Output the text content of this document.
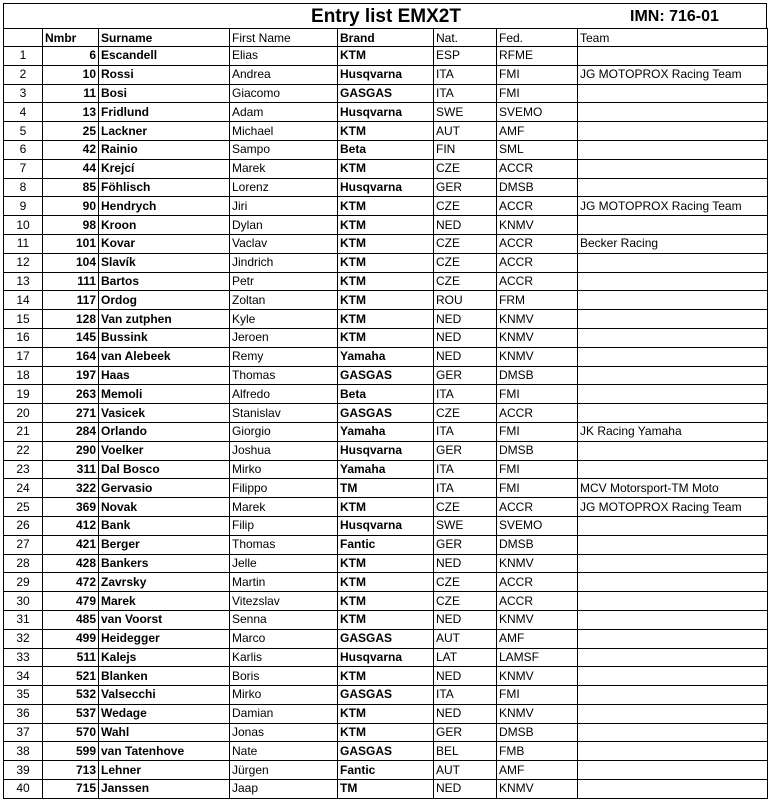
Entry list EMX2T	IMN: 716-01
	Nmbr	Surname	First Name	Brand	Nat.	Fed.	Team
1	6	Escandell	Elias	KTM	ESP	RFME	
2	10	Rossi	Andrea	Husqvarna	ITA	FMI	JG MOTOPROX Racing Team
3	11	Bosi	Giacomo	GASGAS	ITA	FMI	
4	13	Fridlund	Adam	Husqvarna	SWE	SVEMO	
5	25	Lackner	Michael	KTM	AUT	AMF	
6	42	Rainio	Sampo	Beta	FIN	SML	
7	44	Krejcí	Marek	KTM	CZE	ACCR	
8	85	Föhlisch	Lorenz	Husqvarna	GER	DMSB	
9	90	Hendrych	Jiri	KTM	CZE	ACCR	JG MOTOPROX Racing Team
10	98	Kroon	Dylan	KTM	NED	KNMV	
11	101	Kovar	Vaclav	KTM	CZE	ACCR	Becker Racing
12	104	Slavík	Jindrich	KTM	CZE	ACCR	
13	111	Bartos	Petr	KTM	CZE	ACCR	
14	117	Ordog	Zoltan	KTM	ROU	FRM	
15	128	Van zutphen	Kyle	KTM	NED	KNMV	
16	145	Bussink	Jeroen	KTM	NED	KNMV	
17	164	van Alebeek	Remy	Yamaha	NED	KNMV	
18	197	Haas	Thomas	GASGAS	GER	DMSB	
19	263	Memoli	Alfredo	Beta	ITA	FMI	
20	271	Vasicek	Stanislav	GASGAS	CZE	ACCR	
21	284	Orlando	Giorgio	Yamaha	ITA	FMI	JK Racing Yamaha
22	290	Voelker	Joshua	Husqvarna	GER	DMSB	
23	311	Dal Bosco	Mirko	Yamaha	ITA	FMI	
24	322	Gervasio	Filippo	TM	ITA	FMI	MCV Motorsport-TM Moto
25	369	Novak	Marek	KTM	CZE	ACCR	JG MOTOPROX Racing Team
26	412	Bank	Filip	Husqvarna	SWE	SVEMO	
27	421	Berger	Thomas	Fantic	GER	DMSB	
28	428	Bankers	Jelle	KTM	NED	KNMV	
29	472	Zavrsky	Martin	KTM	CZE	ACCR	
30	479	Marek	Vitezslav	KTM	CZE	ACCR	
31	485	van Voorst	Senna	KTM	NED	KNMV	
32	499	Heidegger	Marco	GASGAS	AUT	AMF	
33	511	Kalejs	Karlis	Husqvarna	LAT	LAMSF	
34	521	Blanken	Boris	KTM	NED	KNMV	
35	532	Valsecchi	Mirko	GASGAS	ITA	FMI	
36	537	Wedage	Damian	KTM	NED	KNMV	
37	570	Wahl	Jonas	KTM	GER	DMSB	
38	599	van Tatenhove	Nate	GASGAS	BEL	FMB	
39	713	Lehner	Jürgen	Fantic	AUT	AMF	
40	715	Janssen	Jaap	TM	NED	KNMV	
